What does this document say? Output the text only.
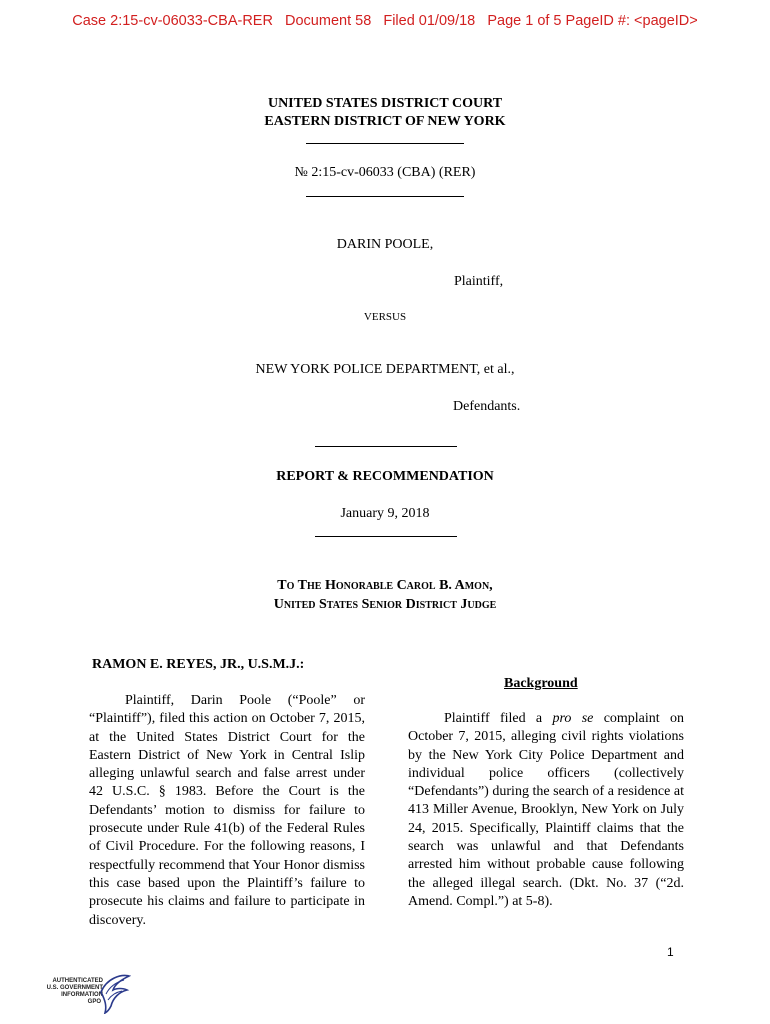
Case 2:15-cv-06033-CBA-RER   Document 58   Filed 01/09/18   Page 1 of 5 PageID #: <pageID>
UNITED STATES DISTRICT COURT
EASTERN DISTRICT OF NEW YORK
№ 2:15-cv-06033 (CBA) (RER)
DARIN POOLE,
Plaintiff,
VERSUS
NEW YORK POLICE DEPARTMENT, et al.,
Defendants.
REPORT & RECOMMENDATION
January 9, 2018
To The Honorable Carol B. Amon,
United States Senior District Judge
RAMON E. REYES, JR., U.S.M.J.:

Plaintiff, Darin Poole (“Poole” or “Plaintiff”), filed this action on October 7, 2015, at the United States District Court for the Eastern District of New York in Central Islip alleging unlawful search and false arrest under 42 U.S.C. § 1983. Before the Court is the Defendants’ motion to dismiss for failure to prosecute under Rule 41(b) of the Federal Rules of Civil Procedure. For the following reasons, I respectfully recommend that Your Honor dismiss this case based upon the Plaintiff’s failure to prosecute his claims and failure to participate in discovery.

Background

Plaintiff filed a pro se complaint on October 7, 2015, alleging civil rights violations by the New York City Police Department and individual police officers (collectively “Defendants”) during the search of a residence at 413 Miller Avenue, Brooklyn, New York on July 24, 2015. Specifically, Plaintiff claims that the search was unlawful and that Defendants arrested him without probable cause following the alleged illegal search. (Dkt. No. 37 (“2d. Amend. Compl.”) at 5-8).

1
AUTHENTICATED
U.S. GOVERNMENT
INFORMATION
GPO
